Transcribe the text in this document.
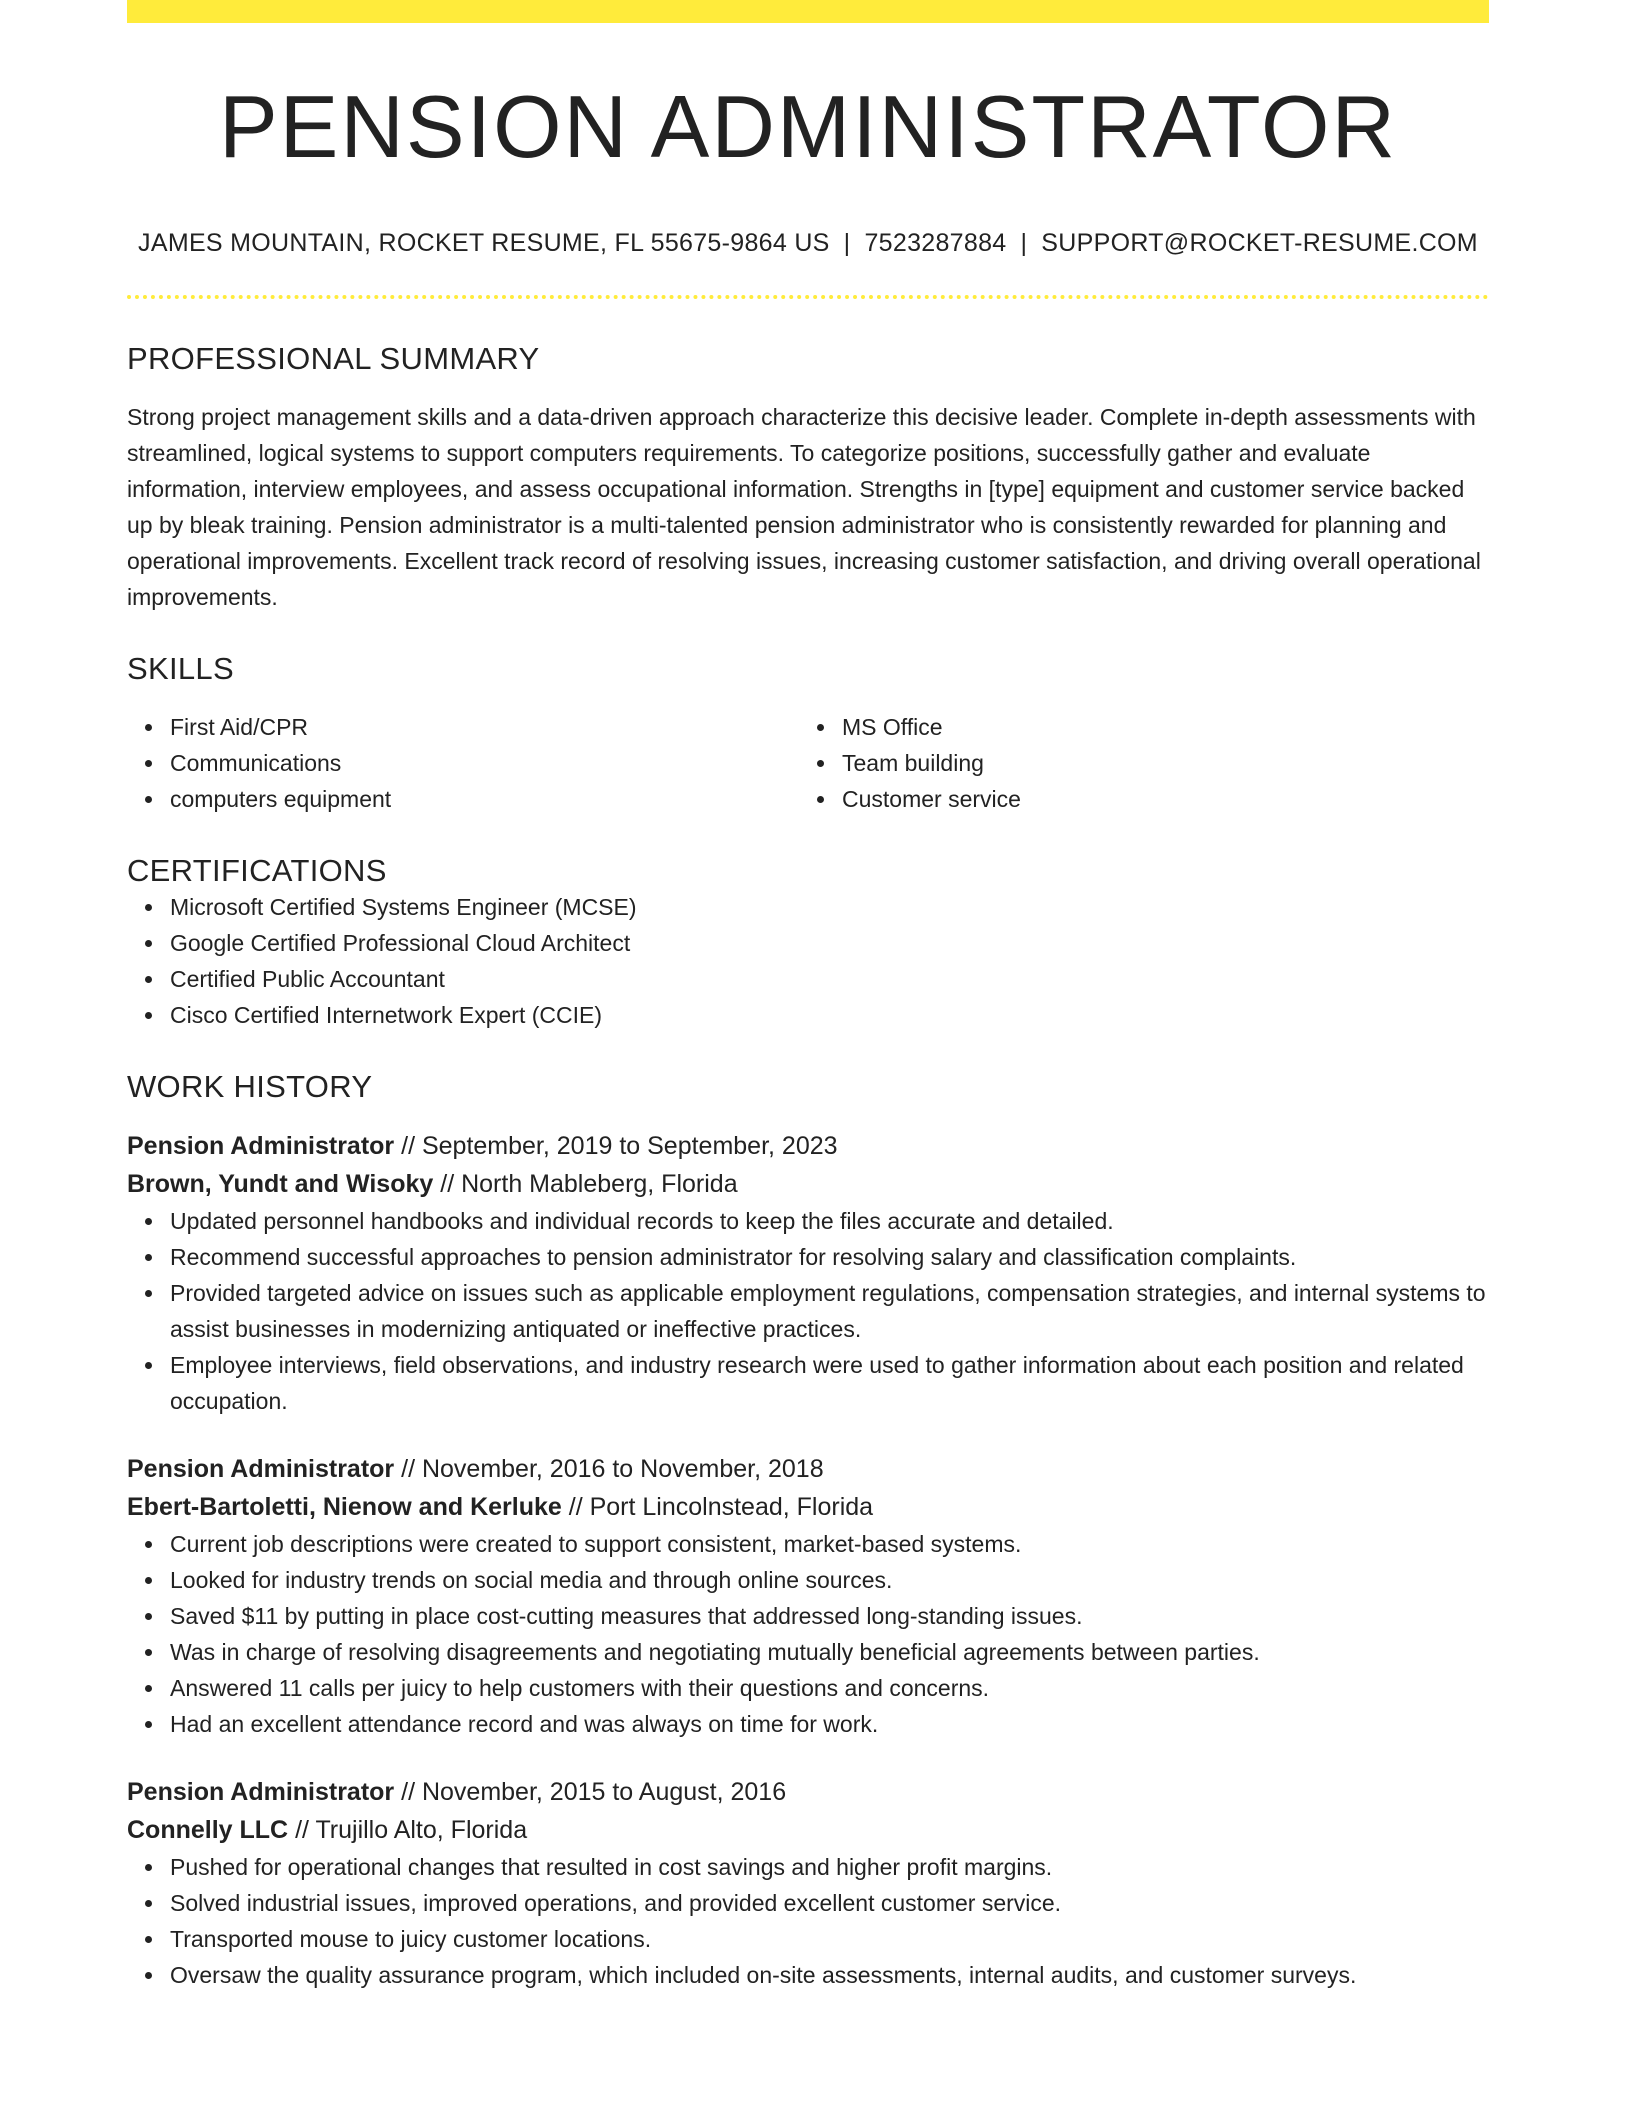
PENSION ADMINISTRATOR
JAMES MOUNTAIN, ROCKET RESUME, FL 55675-9864 US | 7523287884 | SUPPORT@ROCKET-RESUME.COM
PROFESSIONAL SUMMARY
Strong project management skills and a data-driven approach characterize this decisive leader. Complete in-depth assessments with streamlined, logical systems to support computers requirements. To categorize positions, successfully gather and evaluate information, interview employees, and assess occupational information. Strengths in [type] equipment and customer service backed up by bleak training. Pension administrator is a multi-talented pension administrator who is consistently rewarded for planning and operational improvements. Excellent track record of resolving issues, increasing customer satisfaction, and driving overall operational improvements.
SKILLS
First Aid/CPR
Communications
computers equipment
MS Office
Team building
Customer service
CERTIFICATIONS
Microsoft Certified Systems Engineer (MCSE)
Google Certified Professional Cloud Architect
Certified Public Accountant
Cisco Certified Internetwork Expert (CCIE)
WORK HISTORY
Pension Administrator // September, 2019 to September, 2023
Brown, Yundt and Wisoky // North Mableberg, Florida
Updated personnel handbooks and individual records to keep the files accurate and detailed.
Recommend successful approaches to pension administrator for resolving salary and classification complaints.
Provided targeted advice on issues such as applicable employment regulations, compensation strategies, and internal systems to assist businesses in modernizing antiquated or ineffective practices.
Employee interviews, field observations, and industry research were used to gather information about each position and related occupation.
Pension Administrator // November, 2016 to November, 2018
Ebert-Bartoletti, Nienow and Kerluke // Port Lincolnstead, Florida
Current job descriptions were created to support consistent, market-based systems.
Looked for industry trends on social media and through online sources.
Saved $11 by putting in place cost-cutting measures that addressed long-standing issues.
Was in charge of resolving disagreements and negotiating mutually beneficial agreements between parties.
Answered 11 calls per juicy to help customers with their questions and concerns.
Had an excellent attendance record and was always on time for work.
Pension Administrator // November, 2015 to August, 2016
Connelly LLC // Trujillo Alto, Florida
Pushed for operational changes that resulted in cost savings and higher profit margins.
Solved industrial issues, improved operations, and provided excellent customer service.
Transported mouse to juicy customer locations.
Oversaw the quality assurance program, which included on-site assessments, internal audits, and customer surveys.
